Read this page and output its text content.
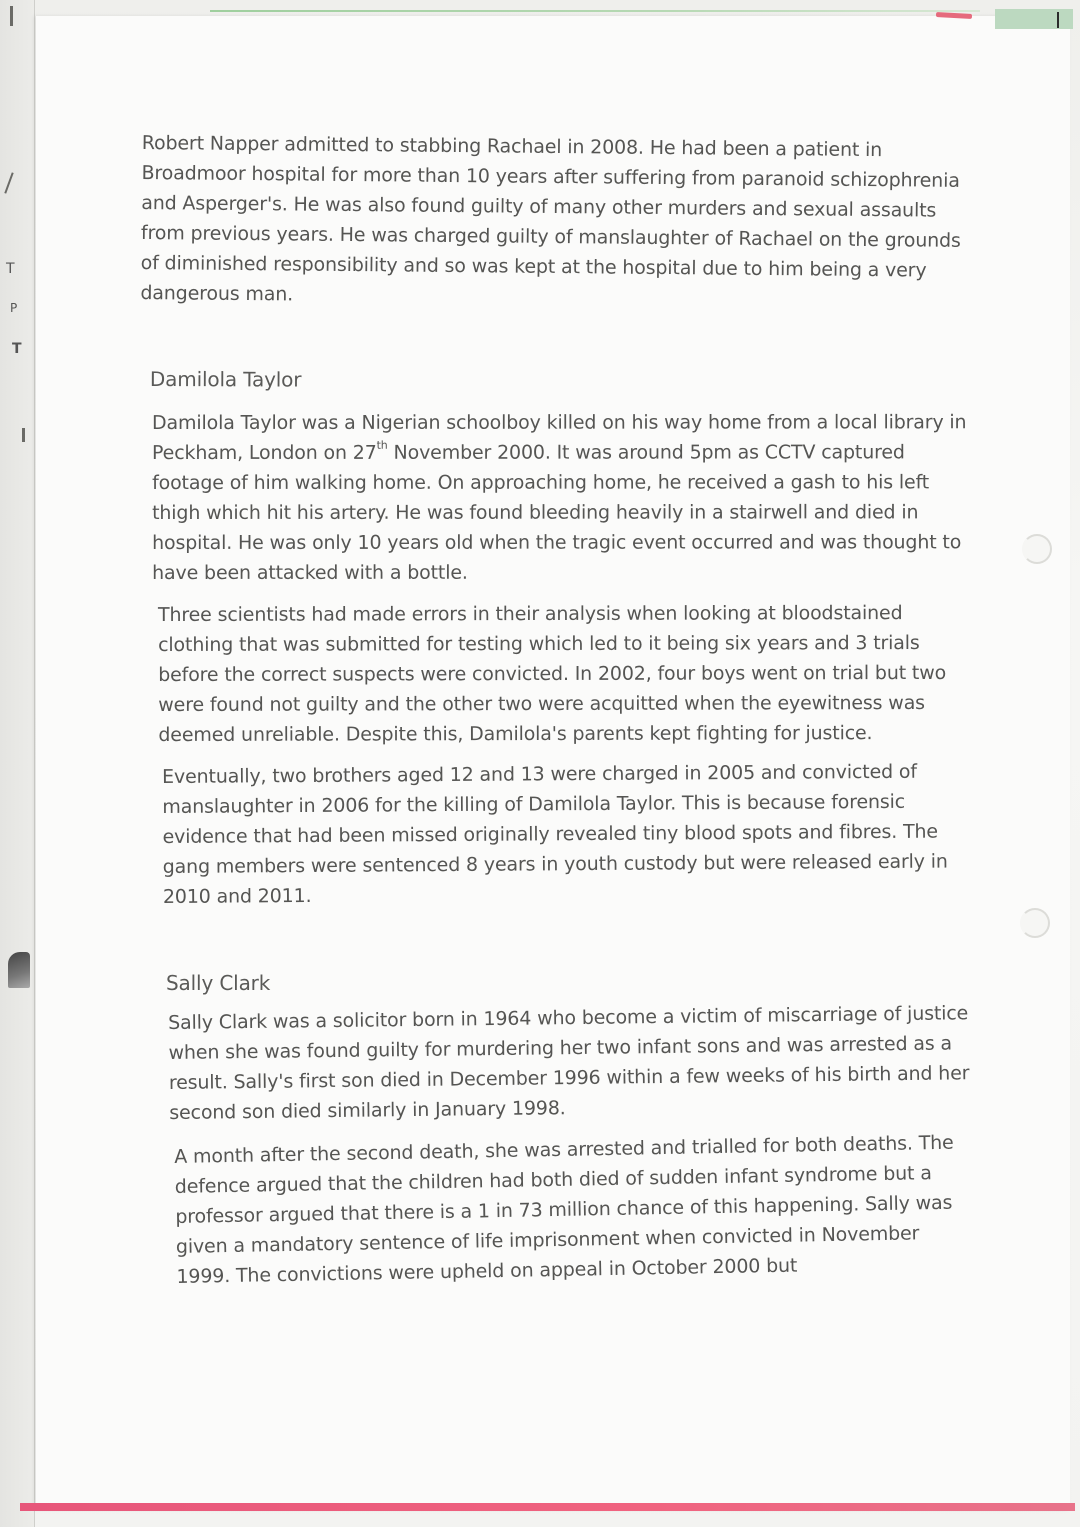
T
P
T

Robert Napper admitted to stabbing Rachael in 2008. He had been a patient in Broadmoor hospital for more than 10 years after suffering from paranoid schizophrenia and Asperger's. He was also found guilty of many other murders and sexual assaults from previous years. He was charged guilty of manslaughter of Rachael on the grounds of diminished responsibility and so was kept at the hospital due to him being a very dangerous man.

Damilola Taylor

Damilola Taylor was a Nigerian schoolboy killed on his way home from a local library in Peckham, London on 27th November 2000. It was around 5pm as CCTV captured footage of him walking home. On approaching home, he received a gash to his left thigh which hit his artery. He was found bleeding heavily in a stairwell and died in hospital. He was only 10 years old when the tragic event occurred and was thought to have been attacked with a bottle.

Three scientists had made errors in their analysis when looking at bloodstained clothing that was submitted for testing which led to it being six years and 3 trials before the correct suspects were convicted. In 2002, four boys went on trial but two were found not guilty and the other two were acquitted when the eyewitness was deemed unreliable. Despite this, Damilola's parents kept fighting for justice.

Eventually, two brothers aged 12 and 13 were charged in 2005 and convicted of manslaughter in 2006 for the killing of Damilola Taylor. This is because forensic evidence that had been missed originally revealed tiny blood spots and fibres. The gang members were sentenced 8 years in youth custody but were released early in 2010 and 2011.

Sally Clark

Sally Clark was a solicitor born in 1964 who become a victim of miscarriage of justice when she was found guilty for murdering her two infant sons and was arrested as a result. Sally's first son died in December 1996 within a few weeks of his birth and her second son died similarly in January 1998.

A month after the second death, she was arrested and trialled for both deaths. The defence argued that the children had both died of sudden infant syndrome but a professor argued that there is a 1 in 73 million chance of this happening. Sally was given a mandatory sentence of life imprisonment when convicted in November 1999. The convictions were upheld on appeal in October 2000 but
